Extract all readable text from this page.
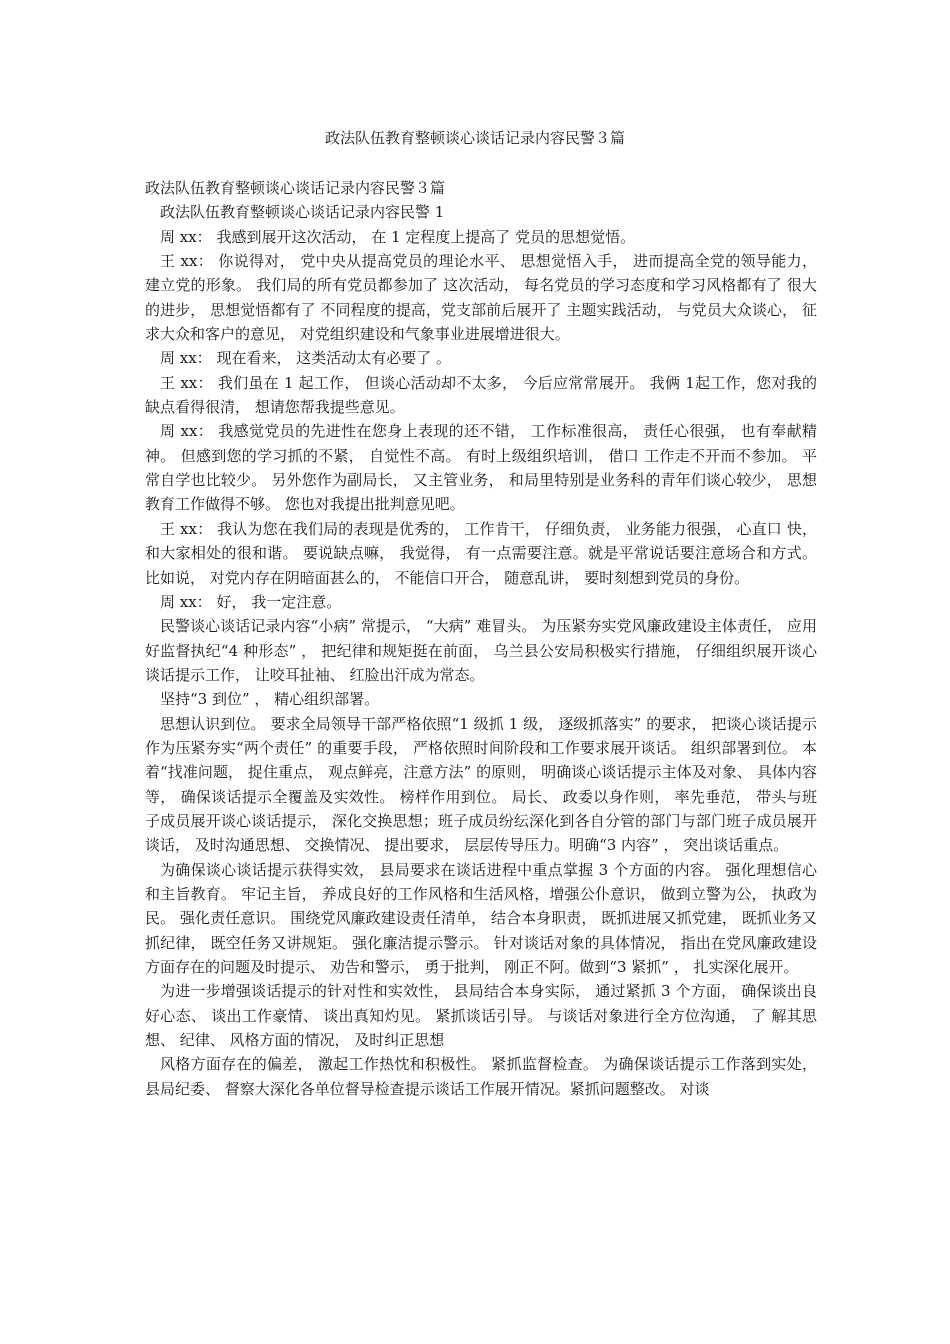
政法队伍教育整顿谈心谈话记录内容民警３篇

政法队伍教育整顿谈心谈话记录内容民警３篇

政法队伍教育整顿谈心谈话记录内容民警 1

周 xx： 我感到展开这次活动， 在 1 定程度上提高了 党员的思想觉悟。

王 xx： 你说得对， 党中央从提高党员的理论水平、 思想觉悟入手， 进而提高全党的领导能力， 建立党的形象。 我们局的所有党员都参加了 这次活动， 每名党员的学习态度和学习风格都有了 很大的进步， 思想觉悟都有了 不同程度的提高，党支部前后展开了 主题实践活动， 与党员大众谈心， 征求大众和客户的意见， 对党组织建设和气象事业进展增进很大。

周 xx： 现在看来， 这类活动太有必要了 。

王 xx： 我们虽在 1 起工作， 但谈心活动却不太多， 今后应常常展开。 我俩 1起工作，您对我的缺点看得很清， 想请您帮我提些意见。

周 xx： 我感觉党员的先进性在您身上表现的还不错， 工作标准很高， 责任心很强， 也有奉献精神。 但感到您的学习抓的不紧， 自觉性不高。 有时上级组织培训， 借口 工作走不开而不参加。 平常自学也比较少。 另外您作为副局长， 又主管业务， 和局里特别是业务科的青年们谈心较少， 思想教育工作做得不够。 您也对我提出批判意见吧。

王 xx： 我认为您在我们局的表现是优秀的， 工作肯干， 仔细负责， 业务能力很强， 心直口 快， 和大家相处的很和谐。 要说缺点嘛， 我觉得， 有一点需要注意。就是平常说话要注意场合和方式。 比如说， 对党内存在阴暗面甚么的， 不能信口开合， 随意乱讲， 要时刻想到党员的身份。

周 xx： 好， 我一定注意。

民警谈心谈话记录内容“小病” 常提示， “大病” 难冒头。 为压紧夯实党风廉政建设主体责任， 应用好监督执纪“4 种形态” ， 把纪律和规矩挺在前面， 乌兰县公安局积极实行措施， 仔细组织展开谈心谈话提示工作， 让咬耳扯袖、 红脸出汗成为常态。

坚持“3 到位” ， 精心组织部署。

思想认识到位。 要求全局领导干部严格依照“1 级抓 1 级， 逐级抓落实” 的要求， 把谈心谈话提示作为压紧夯实“两个责任” 的重要手段， 严格依照时间阶段和工作要求展开谈话。 组织部署到位。 本着“找准问题， 捉住重点， 观点鲜亮，注意方法” 的原则， 明确谈心谈话提示主体及对象、 具体内容等， 确保谈话提示全覆盖及实效性。 榜样作用到位。 局长、 政委以身作则， 率先垂范， 带头与班子成员展开谈心谈话提示， 深化交换思想；班子成员纷纭深化到各自分管的部门与部门班子成员展开谈话， 及时沟通思想、 交换情况、 提出要求， 层层传导压力。明确“3 内容” ， 突出谈话重点。

为确保谈心谈话提示获得实效， 县局要求在谈话进程中重点掌握 3 个方面的内容。 强化理想信心和主旨教育。 牢记主旨， 养成良好的工作风格和生活风格，增强公仆意识， 做到立警为公， 执政为民。 强化责任意识。 围绕党风廉政建设责任清单， 结合本身职责， 既抓进展又抓党建， 既抓业务又抓纪律， 既空任务又讲规矩。 强化廉洁提示警示。 针对谈话对象的具体情况， 指出在党风廉政建设方面存在的问题及时提示、 劝告和警示， 勇于批判， 刚正不阿。做到“3 紧抓” ， 扎实深化展开。

为进一步增强谈话提示的针对性和实效性， 县局结合本身实际， 通过紧抓 3 个方面， 确保谈出良好心态、 谈出工作豪情、 谈出真知灼见。 紧抓谈话引导。 与谈话对象进行全方位沟通， 了 解其思想、 纪律、 风格方面的情况， 及时纠正思想

风格方面存在的偏差， 激起工作热忱和积极性。 紧抓监督检查。 为确保谈话提示工作落到实处， 县局纪委、 督察大深化各单位督导检查提示谈话工作展开情况。紧抓问题整改。 对谈
